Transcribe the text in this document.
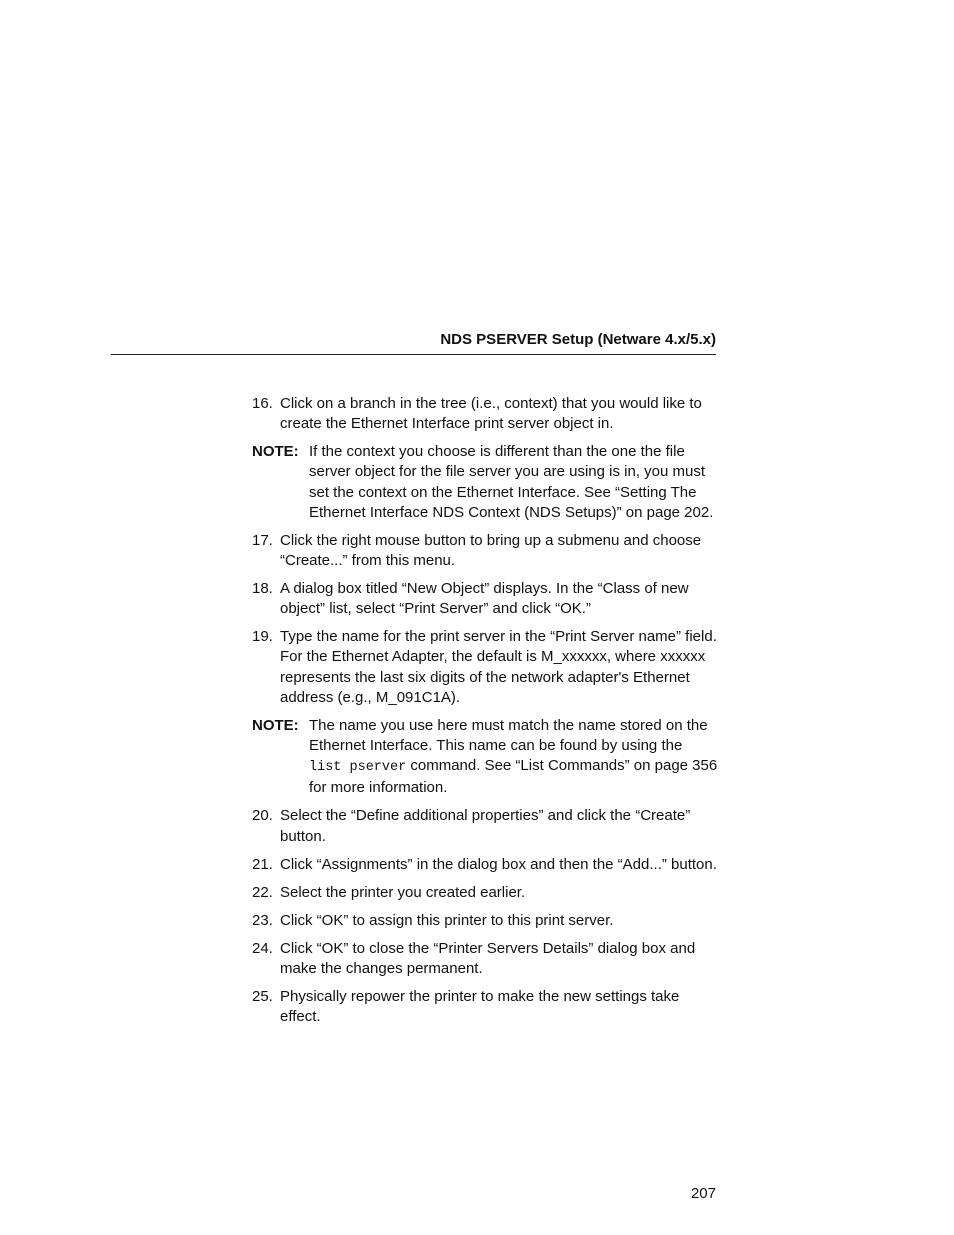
NDS PSERVER Setup (Netware 4.x/5.x)
16. Click on a branch in the tree (i.e., context) that you would like to create the Ethernet Interface print server object in.
NOTE: If the context you choose is different than the one the file server object for the file server you are using is in, you must set the context on the Ethernet Interface. See “Setting The Ethernet Interface NDS Context (NDS Setups)” on page 202.
17. Click the right mouse button to bring up a submenu and choose “Create...” from this menu.
18. A dialog box titled “New Object” displays. In the “Class of new object” list, select “Print Server” and click “OK.”
19. Type the name for the print server in the “Print Server name” field. For the Ethernet Adapter, the default is M_xxxxxx, where xxxxxx represents the last six digits of the network adapter's Ethernet address (e.g., M_091C1A).
NOTE: The name you use here must match the name stored on the Ethernet Interface. This name can be found by using the list pserver command. See “List Commands” on page 356 for more information.
20. Select the “Define additional properties” and click the “Create” button.
21. Click “Assignments” in the dialog box and then the “Add...” button.
22. Select the printer you created earlier.
23. Click “OK” to assign this printer to this print server.
24. Click “OK” to close the “Printer Servers Details” dialog box and make the changes permanent.
25. Physically repower the printer to make the new settings take effect.
207
